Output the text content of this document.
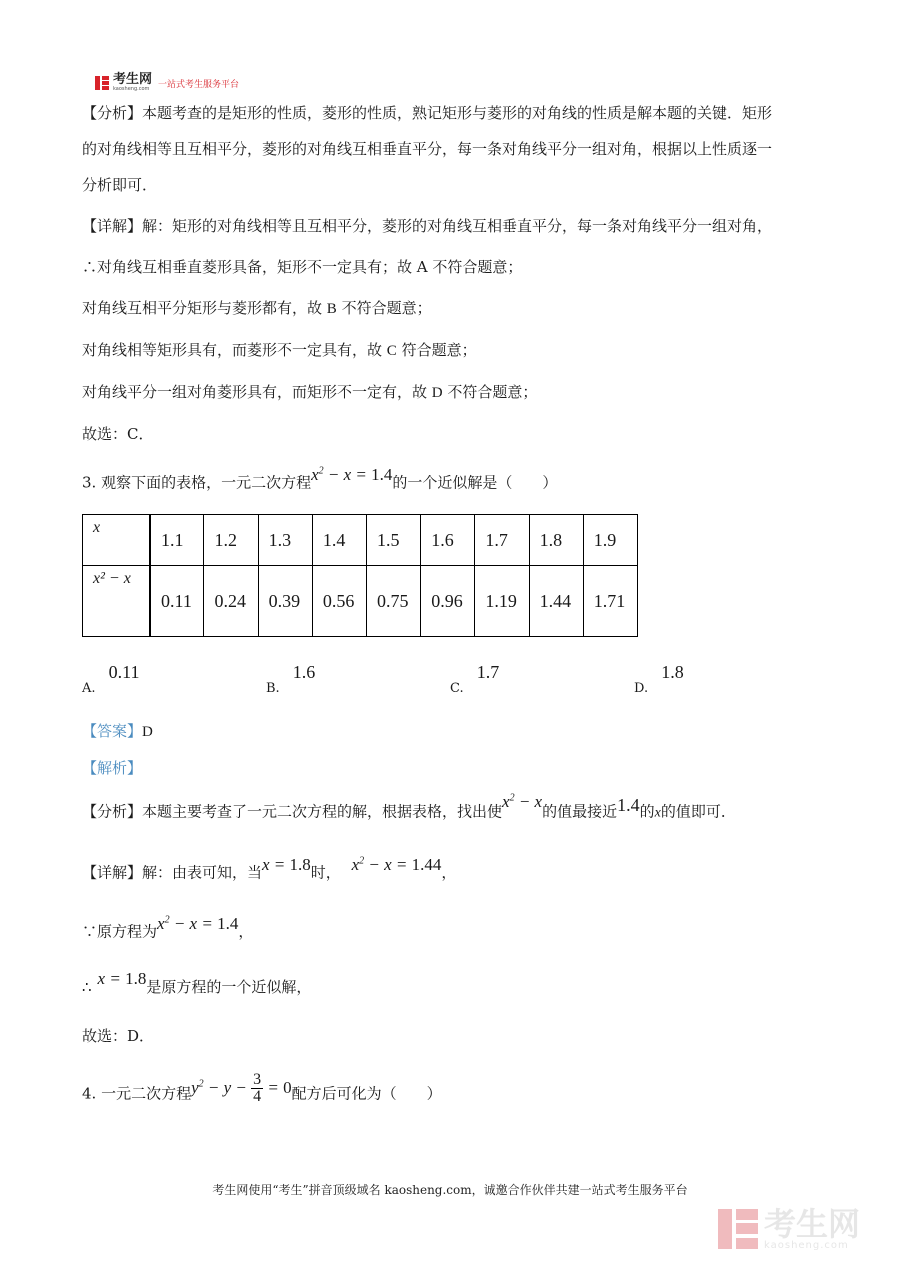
考生网
kaosheng.com 一站式考生服务平台
【分析】本题考查的是矩形的性质，菱形的性质，熟记矩形与菱形的对角线的性质是解本题的关键．矩形
的对角线相等且互相平分，菱形的对角线互相垂直平分，每一条对角线平分一组对角，根据以上性质逐一
分析即可．
【详解】解：矩形的对角线相等且互相平分，菱形的对角线互相垂直平分，每一条对角线平分一组对角，
∴对角线互相垂直菱形具备，矩形不一定具有；故 A 不符合题意；
对角线互相平分矩形与菱形都有，故 B 不符合题意；
对角线相等矩形具有，而菱形不一定具有，故 C 符合题意；
对角线平分一组对角菱形具有，而矩形不一定有，故 D 不符合题意；
故选：C．
3. 观察下面的表格，一元二次方程$x^2 - x = 1.4$的一个近似解是（　　）
x	1.1	1.2	1.3	1.4	1.5	1.6	1.7	1.8	1.9
x² − x	0.11	0.24	0.39	0.56	0.75	0.96	1.19	1.44	1.71
$_{A.}$ 0.11
$_{B.}$ 1.6
$_{C.}$ 1.7
$_{D.}$ 1.8
【答案】D
【解析】
【分析】本题主要考查了一元二次方程的解，根据表格，找出使$x^2 - x$的值最接近1.4的x的值即可．
【详解】解：由表可知，当x = 1.8时， $x^2 - x = 1.44$，
∵原方程为$x^2 - x = 1.4$，
∴ x = 1.8是原方程的一个近似解，
故选：D．
4. 一元二次方程$y^2 - y - \frac{3}{4} = 0$配方后可化为（　　）
考生网使用“考生”拼音顶级域名 kaosheng.com，诚邀合作伙伴共建一站式考生服务平台
考生网
kaosheng.com
